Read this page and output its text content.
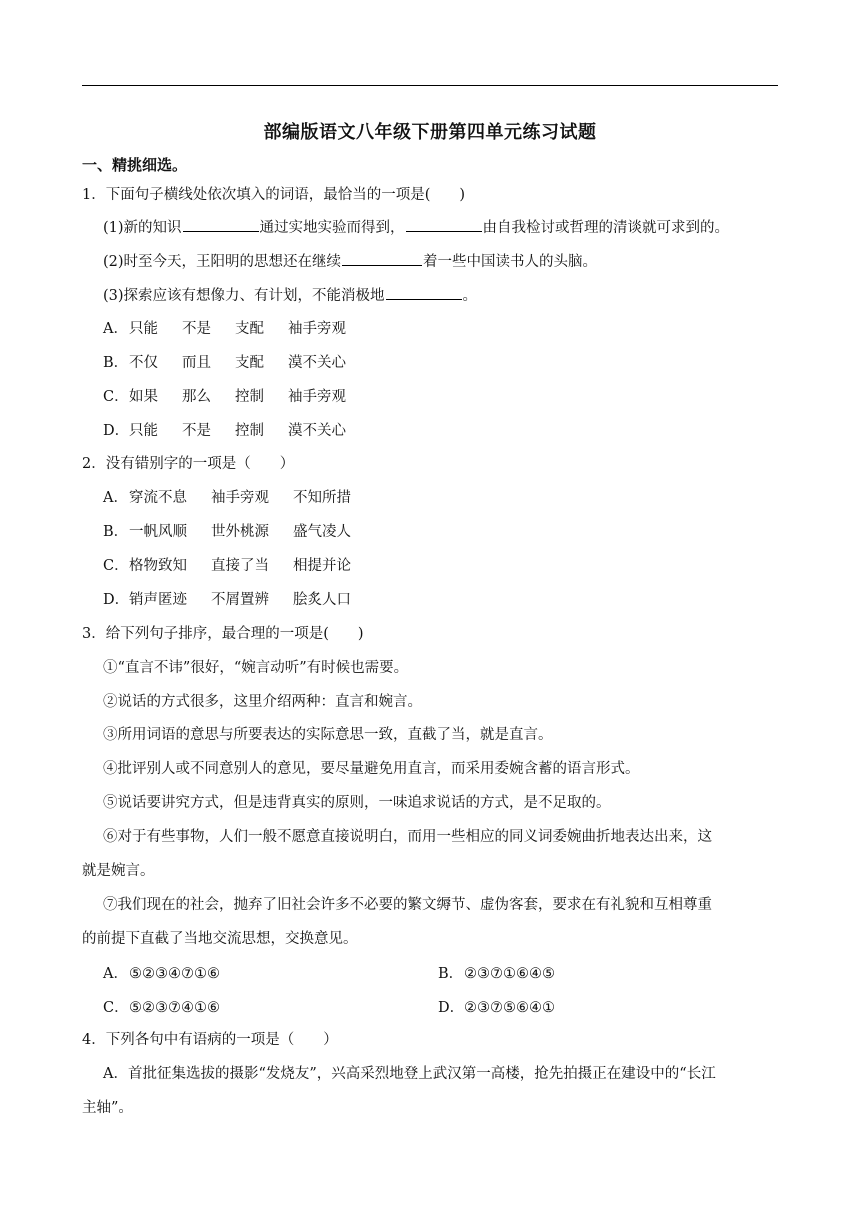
部编版语文八年级下册第四单元练习试题
一、精挑细选。
1．下面句子横线处依次填入的词语，最恰当的一项是(　　)
(1)新的知识	通过实地实验而得到，	由自我检讨或哲理的清谈就可求到的。
(2)时至今天，王阳明的思想还在继续	着一些中国读书人的头脑。
(3)探索应该有想像力、有计划，不能消极地	。
A．只能 不是 支配 袖手旁观
B．不仅 而且 支配 漠不关心
C．如果 那么 控制 袖手旁观
D．只能 不是 控制 漠不关心
2．没有错别字的一项是（　　）
A．穿流不息 袖手旁观 不知所措
B．一帆风顺 世外桃源 盛气凌人
C．格物致知 直接了当 相提并论
D．销声匿迹 不屑置辨 脍炙人口
3．给下列句子排序，最合理的一项是(　　)
①“直言不讳”很好，“婉言动听”有时候也需要。
②说话的方式很多，这里介绍两种：直言和婉言。
③所用词语的意思与所要表达的实际意思一致，直截了当，就是直言。
④批评别人或不同意别人的意见，要尽量避免用直言，而采用委婉含蓄的语言形式。
⑤说话要讲究方式，但是违背真实的原则，一味追求说话的方式，是不足取的。
⑥对于有些事物，人们一般不愿意直接说明白，而用一些相应的同义词委婉曲折地表达出来，这
就是婉言。
⑦我们现在的社会，抛弃了旧社会许多不必要的繁文缛节、虚伪客套，要求在有礼貌和互相尊重
的前提下直截了当地交流思想，交换意见。
A．⑤②③④⑦①⑥	B．②③⑦①⑥④⑤
C．⑤②③⑦④①⑥	D．②③⑦⑤⑥④①
4．下列各句中有语病的一项是（　　）
A．首批征集选拔的摄影“发烧友”，兴高采烈地登上武汉第一高楼，抢先拍摄正在建设中的“长江
主轴”。
